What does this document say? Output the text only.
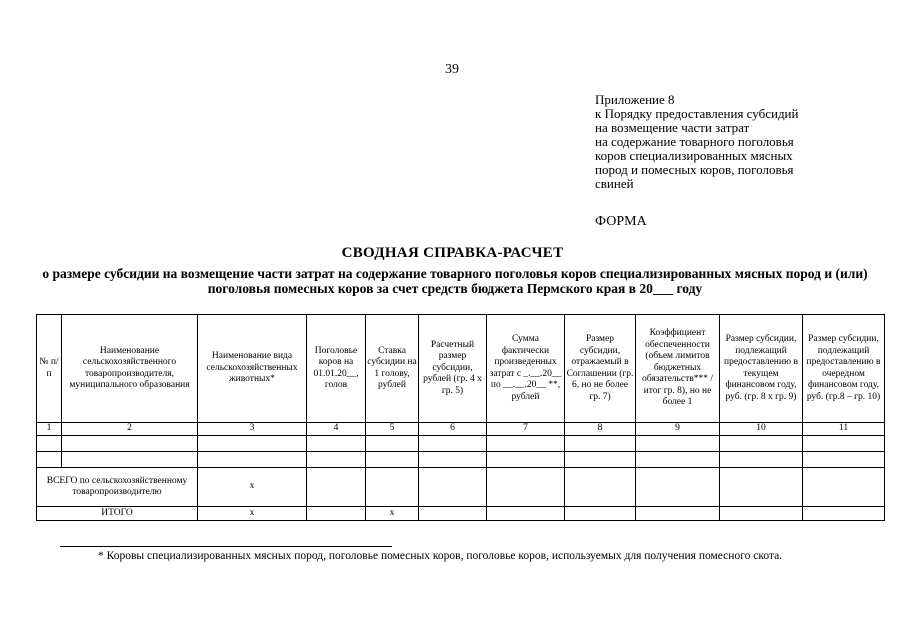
39
Приложение 8
к Порядку предоставления субсидий
на возмещение части затрат
на содержание товарного поголовья
коров специализированных мясных
пород и помесных коров, поголовья
свиней
ФОРМА
СВОДНАЯ СПРАВКА-РАСЧЕТ
о размере субсидии на возмещение части затрат на содержание товарного поголовья коров специализированных мясных пород и (или) поголовья помесных коров за счет средств бюджета Пермского края в 20___ году
№ п/п	Наименование сельскохозяйственного товаропроизводителя, муниципального образования	Наименование вида сельскохозяйственных животных*	Поголовье коров на 01.01.20__, голов	Ставка субсидии на 1 голову, рублей	Расчетный размер субсидии, рублей (гр. 4 х гр. 5)	Сумма фактически произведенных затрат с _.__.20__ по __.__.20__ **, рублей	Размер субсидии, отражаемый в Соглашении (гр. 6, но не более гр. 7)	Коэффициент обеспеченности (объем лимитов бюджетных обязательств*** / итог гр. 8), но не более 1	Размер субсидии, подлежащий предоставлению в текущем финансовом году, руб. (гр. 8 х гр. 9)	Размер субсидии, подлежащий предоставлению в очередном финансовом году, руб. (гр.8 – гр. 10)
1	2	3	4	5	6	7	8	9	10	11

ВСЕГО по сельскохозяйственному товаропроизводителю		х								
ИТОГО		х		х						
* Коровы специализированных мясных пород, поголовье помесных коров, поголовье коров, используемых для получения помесного скота.
